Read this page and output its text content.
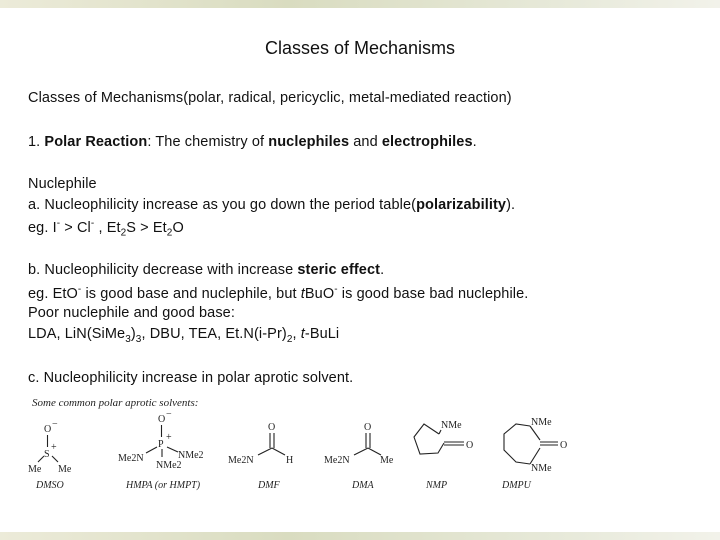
Classes of Mechanisms
Classes of Mechanisms(polar, radical, pericyclic, metal-mediated reaction)
1. Polar Reaction: The chemistry of nuclephiles and electrophiles.
Nuclephile
a. Nucleophilicity increase as you go down the period table(polarizability).
eg. I- > Cl- , $Et_2S > Et_2O$
b. Nucleophilicity decrease with increase steric effect.
eg. EtO- is good base and nuclephile, but tBuO- is good base bad nuclephile.
Poor nuclephile and good base:
LDA, $LiN(SiMe_3)_3$, DBU, TEA, $Et.N(i-Pr)_2$, t-BuLi
c. Nucleophilicity increase in polar aprotic solvent.
Some common polar aprotic solvents:
O −
S
+
Me Me
O −
P
+
Me2N	NMe2
NMe2
O
Me2N	H
O
Me2N	Me
NMe
O
NMe
NMe
O
DMSO	HMPA (or HMPT)	DMF	DMA	NMP	DMPU
